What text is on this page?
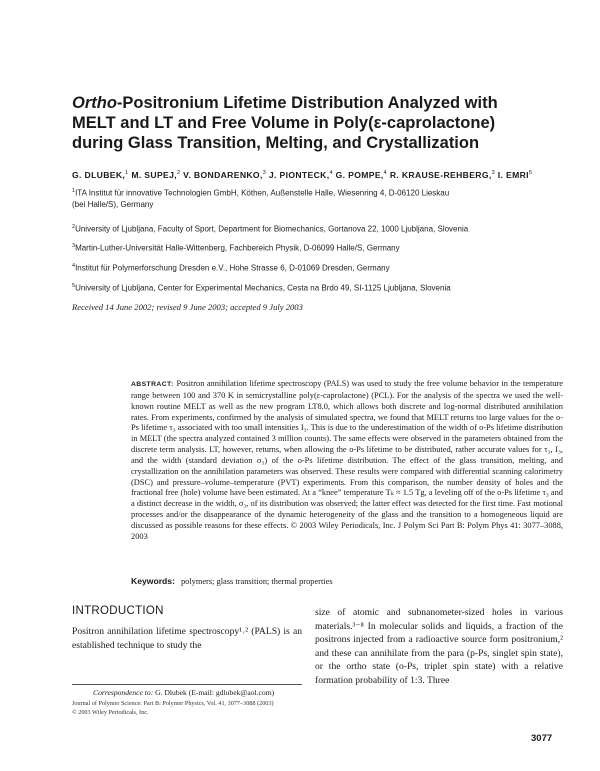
Ortho-Positronium Lifetime Distribution Analyzed with MELT and LT and Free Volume in Poly(ε-caprolactone) during Glass Transition, Melting, and Crystallization
G. DLUBEK,$^1$ M. SUPEJ,$^2$ V. BONDARENKO,$^3$ J. PIONTECK,$^4$ G. POMPE,$^4$ R. KRAUSE-REHBERG,$^3$ I. EMRI$^5$
$^1$ITA Institut für innovative Technologien GmbH, Köthen, Außenstelle Halle, Wiesenring 4, D-06120 Lieskau (bei Halle/S), Germany
$^2$University of Ljubljana, Faculty of Sport, Department for Biomechanics, Gortanova 22, 1000 Ljubljana, Slovenia
$^3$Martin-Luther-Universität Halle-Wittenberg, Fachbereich Physik, D-06099 Halle/S, Germany
$^4$Institut für Polymerforschung Dresden e.V., Hohe Strasse 6, D-01069 Dresden, Germany
$^5$University of Ljubljana, Center for Experimental Mechanics, Cesta na Brdo 49, SI-1125 Ljubljana, Slovenia
Received 14 June 2002; revised 9 June 2003; accepted 9 July 2003
ABSTRACT: Positron annihilation lifetime spectroscopy (PALS) was used to study the free volume behavior in the temperature range between 100 and 370 K in semicrystalline poly(ε-caprolactone) (PCL). For the analysis of the spectra we used the well-known routine MELT as well as the new program LT8.0, which allows both discrete and log-normal distributed annihilation rates. From experiments, confirmed by the analysis of simulated spectra, we found that MELT returns too large values for the o-Ps lifetime τ₃ associated with too small intensities I₃. This is due to the underestimation of the width of o-Ps lifetime distribution in MELT (the spectra analyzed contained 3 million counts). The same effects were observed in the parameters obtained from the discrete term analysis. LT, however, returns, when allowing the o-Ps lifetime to be distributed, rather accurate values for τ₃, I₃, and the width (standard deviation σ₃) of the o-Ps lifetime distribution. The effect of the glass transition, melting, and crystallization on the annihilation parameters was observed. These results were compared with differential scanning calorimetry (DSC) and pressure–volume–temperature (PVT) experiments. From this comparison, the number density of holes and the fractional free (hole) volume have been estimated. At a “knee” temperature Tₖ ≈ 1.5 Tg, a leveling off of the o-Ps lifetime τ₃ and a distinct decrease in the width, σ₃, of its distribution was observed; the latter effect was detected for the first time. Fast motional processes and/or the disappearance of the dynamic heterogeneity of the glass and the transition to a homogeneous liquid are discussed as possible reasons for these effects. © 2003 Wiley Periodicals, Inc. J Polym Sci Part B: Polym Phys 41: 3077–3088, 2003
Keywords: polymers; glass transition; thermal properties
INTRODUCTION
Positron annihilation lifetime spectroscopy¹˒² (PALS) is an established technique to study the
size of atomic and subnanometer-sized holes in various materials.³⁻⁸ In molecular solids and liquids, a fraction of the positrons injected from a radioactive source form positronium,² and these can annihilate from the para (p-Ps, singlet spin state), or the ortho state (o-Ps, triplet spin state) with a relative formation probability of 1:3. Three
Correspondence to: G. Dlubek (E-mail: gdlubek@aol.com)
Journal of Polymer Science: Part B: Polymer Physics, Vol. 41, 3077–3088 (2003)
© 2003 Wiley Periodicals, Inc.
3077
